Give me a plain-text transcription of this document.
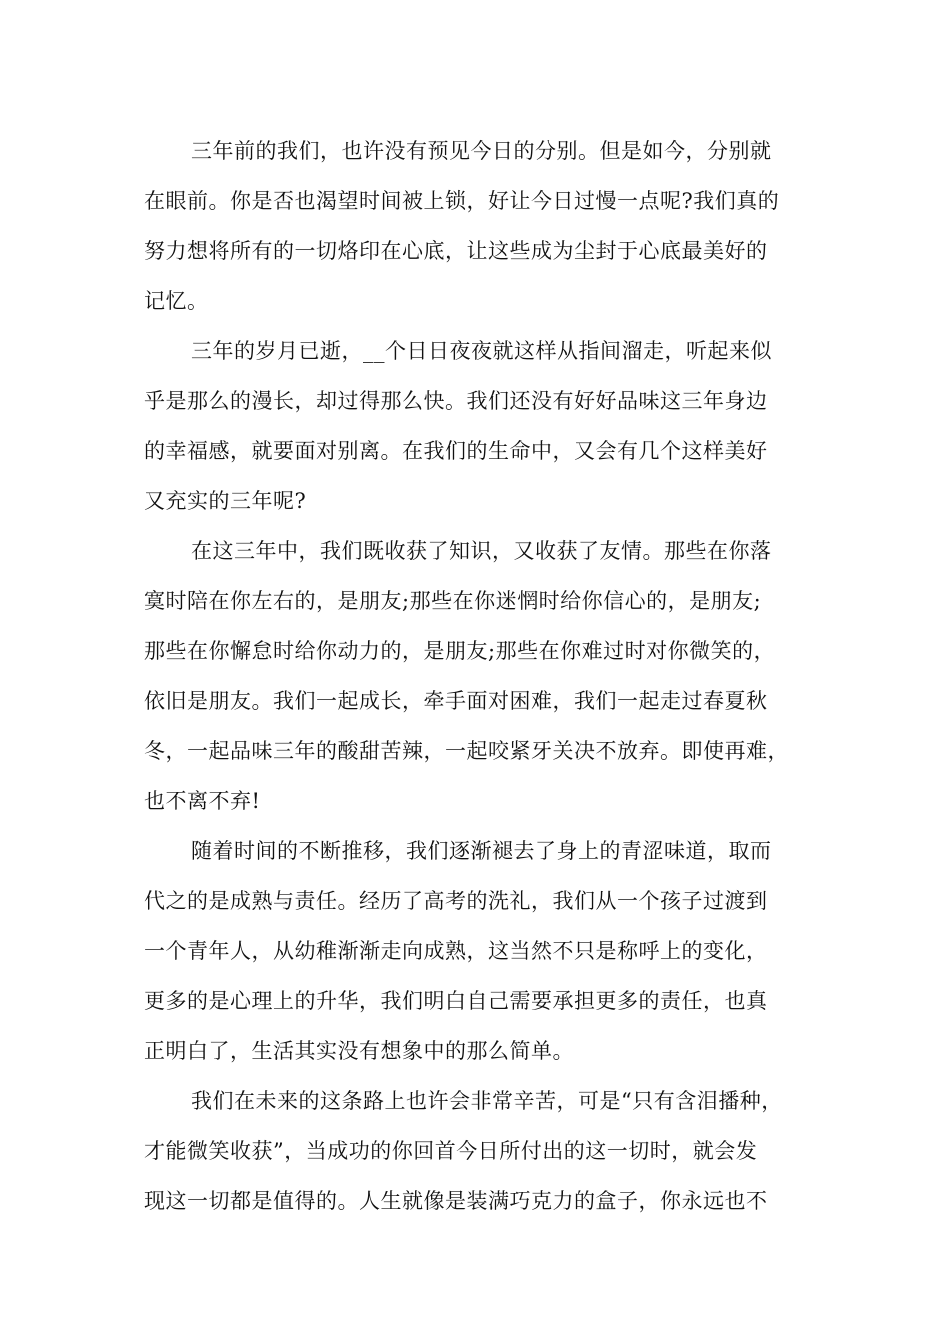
三年前的我们，也许没有预见今日的分别。但是如今，分别就
在眼前。你是否也渴望时间被上锁，好让今日过慢一点呢?我们真的
努力想将所有的一切烙印在心底，让这些成为尘封于心底最美好的
记忆。
三年的岁月已逝，__个日日夜夜就这样从指间溜走，听起来似
乎是那么的漫长，却过得那么快。我们还没有好好品味这三年身边
的幸福感，就要面对别离。在我们的生命中，又会有几个这样美好
又充实的三年呢?
在这三年中，我们既收获了知识，又收获了友情。那些在你落
寞时陪在你左右的，是朋友;那些在你迷惘时给你信心的，是朋友;
那些在你懈怠时给你动力的，是朋友;那些在你难过时对你微笑的，
依旧是朋友。我们一起成长，牵手面对困难，我们一起走过春夏秋
冬，一起品味三年的酸甜苦辣，一起咬紧牙关决不放弃。即使再难，
也不离不弃!
随着时间的不断推移，我们逐渐褪去了身上的青涩味道，取而
代之的是成熟与责任。经历了高考的洗礼，我们从一个孩子过渡到
一个青年人，从幼稚渐渐走向成熟，这当然不只是称呼上的变化，
更多的是心理上的升华，我们明白自己需要承担更多的责任，也真
正明白了，生活其实没有想象中的那么简单。
我们在未来的这条路上也许会非常辛苦，可是“只有含泪播种，
才能微笑收获”，当成功的你回首今日所付出的这一切时，就会发
现这一切都是值得的。人生就像是装满巧克力的盒子，你永远也不
